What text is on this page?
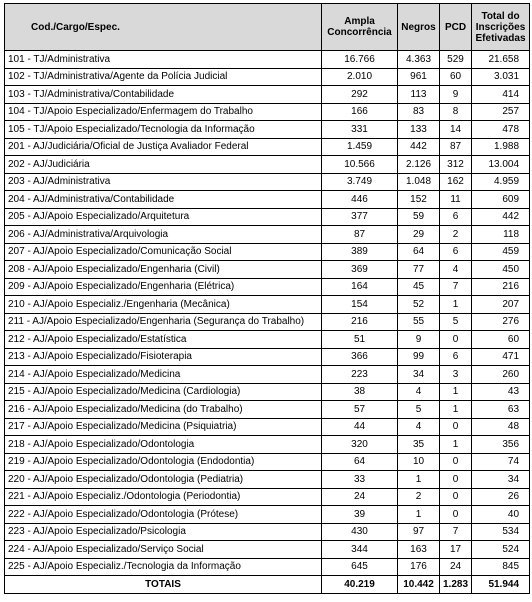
Cod./Cargo/Espec.	Ampla Concorrência	Negros	PCD	Total do Inscrições Efetivadas
101 - TJ/Administrativa	16.766	4.363	529	21.658
102 - TJ/Administrativa/Agente da Polícia Judicial	2.010	961	60	3.031
103 - TJ/Administrativa/Contabilidade	292	113	9	414
104 - TJ/Apoio Especializado/Enfermagem do Trabalho	166	83	8	257
105 - TJ/Apoio Especializado/Tecnologia da Informação	331	133	14	478
201 - AJ/Judiciária/Oficial de Justiça Avaliador Federal	1.459	442	87	1.988
202 - AJ/Judiciária	10.566	2.126	312	13.004
203 - AJ/Administrativa	3.749	1.048	162	4.959
204 - AJ/Administrativa/Contabilidade	446	152	11	609
205 - AJ/Apoio Especializado/Arquitetura	377	59	6	442
206 - AJ/Administrativa/Arquivologia	87	29	2	118
207 - AJ/Apoio Especializado/Comunicação Social	389	64	6	459
208 - AJ/Apoio Especializado/Engenharia (Civil)	369	77	4	450
209 - AJ/Apoio Especializado/Engenharia (Elétrica)	164	45	7	216
210 - AJ/Apoio Especializ./Engenharia (Mecânica)	154	52	1	207
211 - AJ/Apoio Especializado/Engenharia (Segurança do Trabalho)	216	55	5	276
212 - AJ/Apoio Especializado/Estatística	51	9	0	60
213 - AJ/Apoio Especializado/Fisioterapia	366	99	6	471
214 - AJ/Apoio Especializado/Medicina	223	34	3	260
215 - AJ/Apoio Especializado/Medicina (Cardiologia)	38	4	1	43
216 - AJ/Apoio Especializado/Medicina (do Trabalho)	57	5	1	63
217 - AJ/Apoio Especializado/Medicina (Psiquiatria)	44	4	0	48
218 - AJ/Apoio Especializado/Odontologia	320	35	1	356
219 - AJ/Apoio Especializado/Odontologia (Endodontia)	64	10	0	74
220 - AJ/Apoio Especializado/Odontologia (Pediatria)	33	1	0	34
221 - AJ/Apoio Especializ./Odontologia (Periodontia)	24	2	0	26
222 - AJ/Apoio Especializado/Odontologia (Prótese)	39	1	0	40
223 - AJ/Apoio Especializado/Psicologia	430	97	7	534
224 - AJ/Apoio Especializado/Serviço Social	344	163	17	524
225 - AJ/Apoio Especializ./Tecnologia da Informação	645	176	24	845
TOTAIS	40.219	10.442	1.283	51.944
